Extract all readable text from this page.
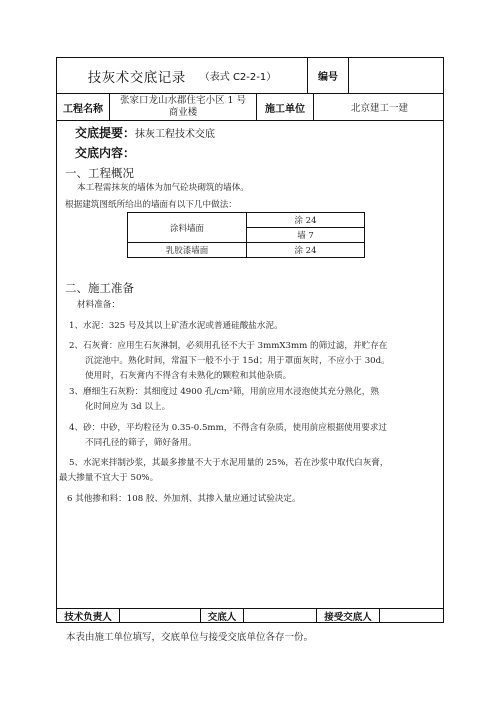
技灰术交底记录 （表式 C2-2-1）	编号
工程名称
张家口龙山水郡住宅小区 1 号
商业楼	施工单位	北京建工一建
交底提要：抹灰工程技术交底
交底内容：
一、工程概况
本工程需抹灰的墙体为加气砼块砌筑的墙体。
根据建筑图纸所给出的墙面有以下几中做法：
涂料墙面	涂 24
	墙 7
乳胶漆墙面	涂 24
二、施工准备
材料准备：
1、水泥：325 号及其以上矿渣水泥或普通硅酸盐水泥。
2、石灰膏：应用生石灰淋制，必须用孔径不大于 3mmX3mm 的筛过滤，并贮存在
沉淀池中。熟化时间，常温下一般不小于 15d；用于罩面灰时，不应小于 30d。
使用时，石灰膏内不得含有未熟化的颗粒和其他杂质。
3、磨细生石灰粉：其细度过 4900 孔/cm²筛，用前应用水浸泡使其充分熟化，熟
化时间应为 3d 以上。
4、砂：中砂，平均粒径为 0.35-0.5mm，不得含有杂质，使用前应根据使用要求过
不同孔径的筛子，筛好备用。
5、水泥来拌制沙浆，其最多掺量不大于水泥用量的 25%，若在沙浆中取代白灰膏，
最大掺量不宜大于 50%。
6 其他掺和料：108 胶、外加剂、其掺入量应通过试验决定。
技术负责人	交底人	接受交底人
本表由施工单位填写，交底单位与接受交底单位各存一份。
